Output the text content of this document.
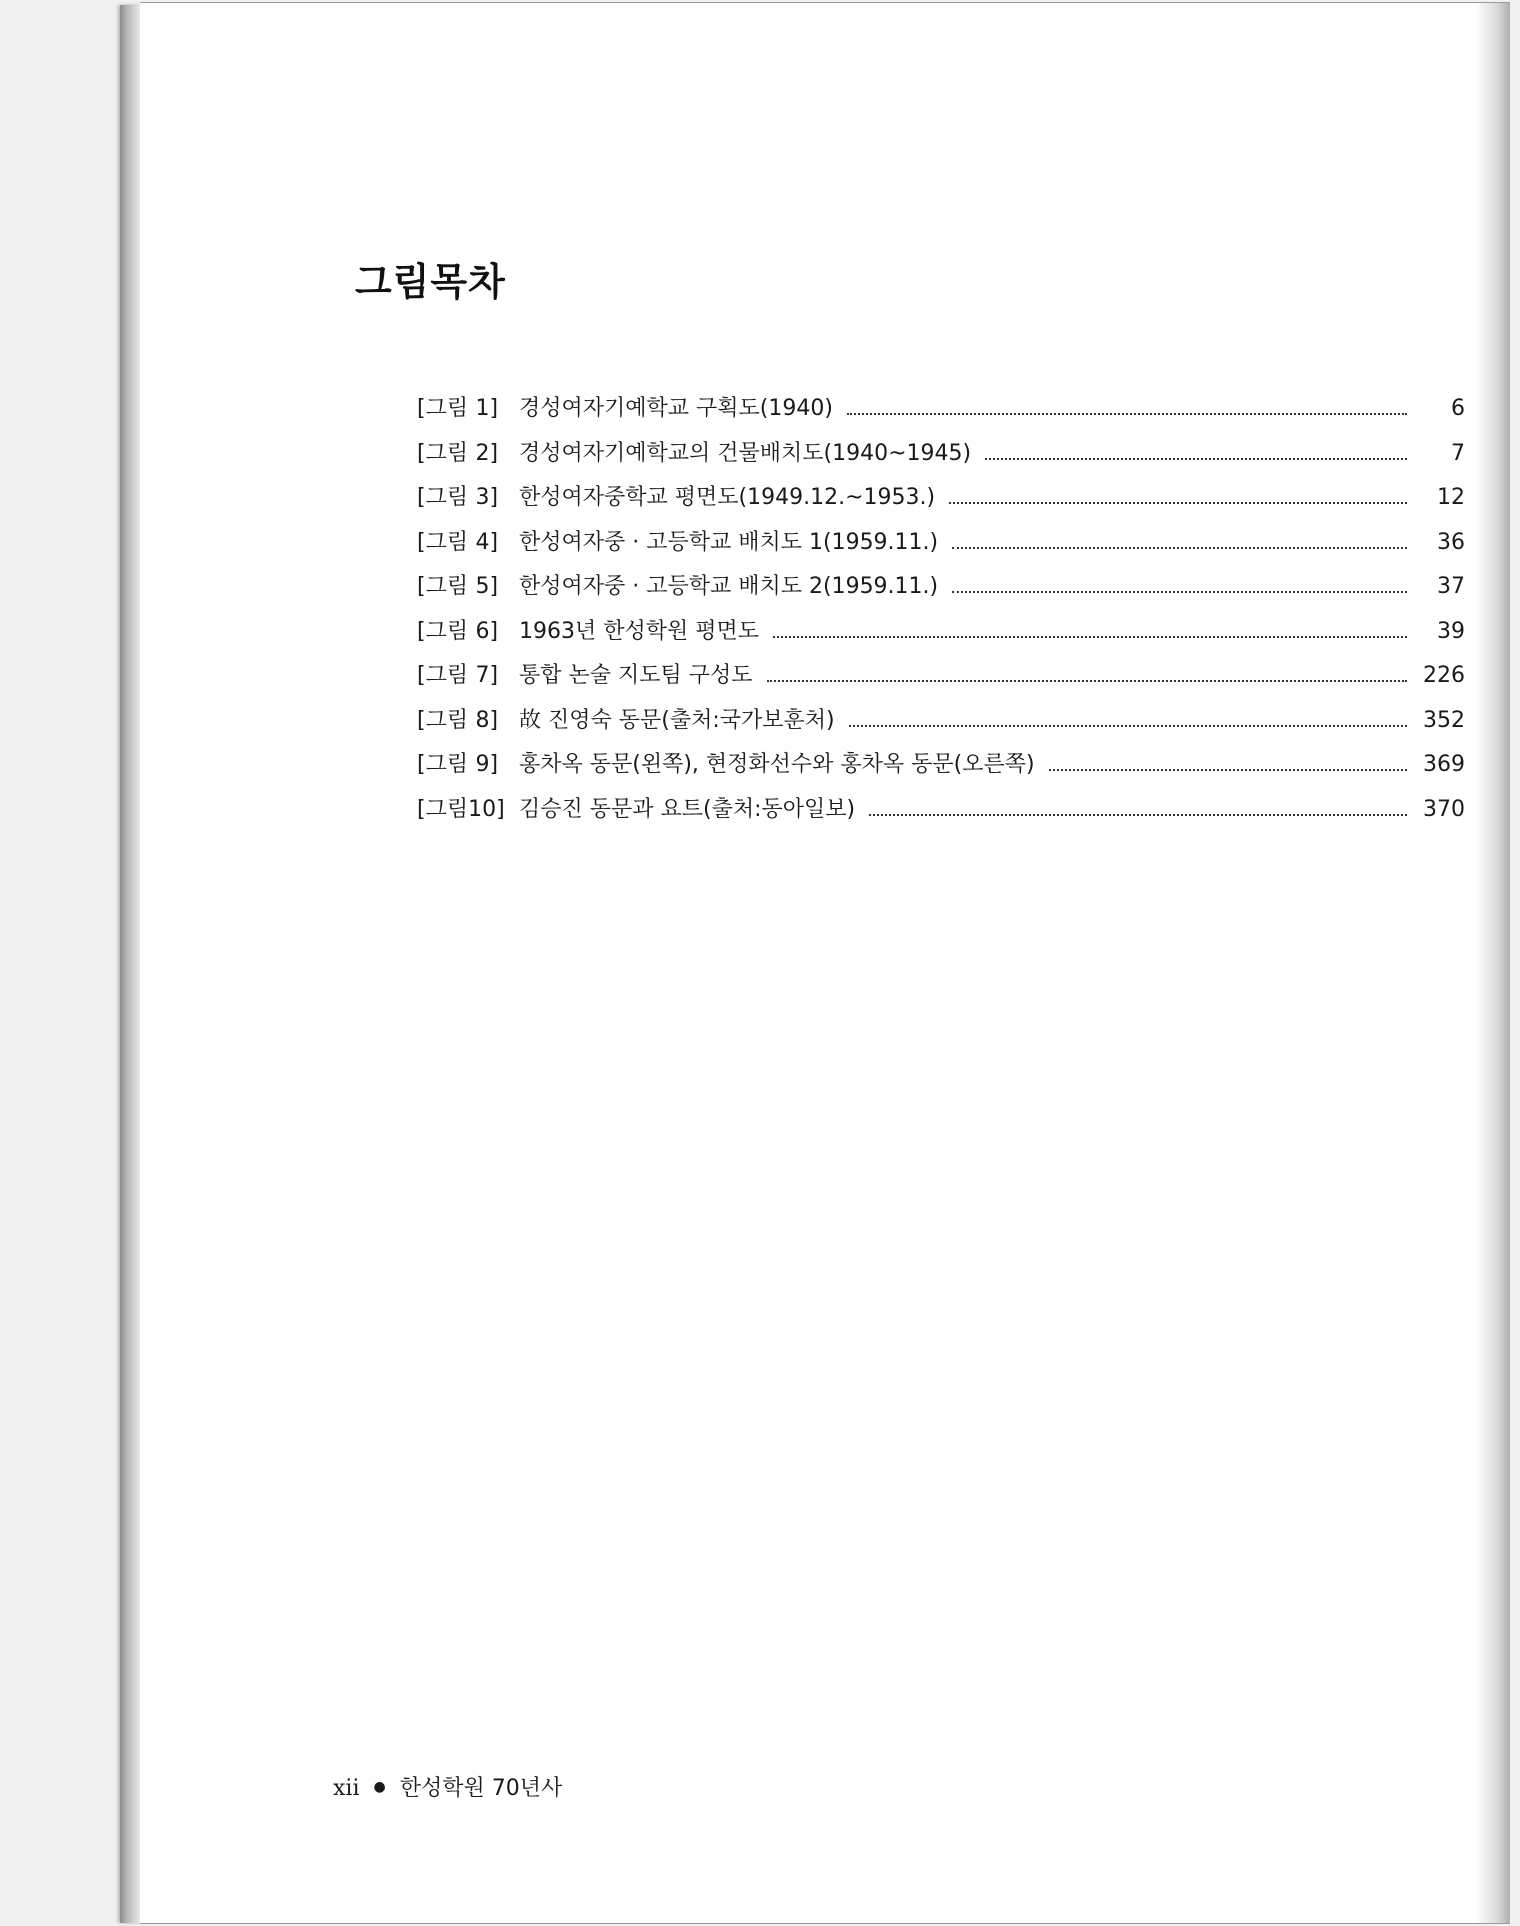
그림목차
[그림 1] 경성여자기예학교 구획도(1940)	6
[그림 2] 경성여자기예학교의 건물배치도(1940~1945)	7
[그림 3] 한성여자중학교 평면도(1949.12.~1953.)	12
[그림 4] 한성여자중 · 고등학교 배치도 1(1959.11.)	36
[그림 5] 한성여자중 · 고등학교 배치도 2(1959.11.)	37
[그림 6] 1963년 한성학원 평면도	39
[그림 7] 통합 논술 지도팀 구성도	226
[그림 8] 故 진영숙 동문(출처:국가보훈처)	352
[그림 9] 홍차옥 동문(왼쪽), 현정화선수와 홍차옥 동문(오른쪽)	369
[그림10] 김승진 동문과 요트(출처:동아일보)	370
xii ● 한성학원 70년사
